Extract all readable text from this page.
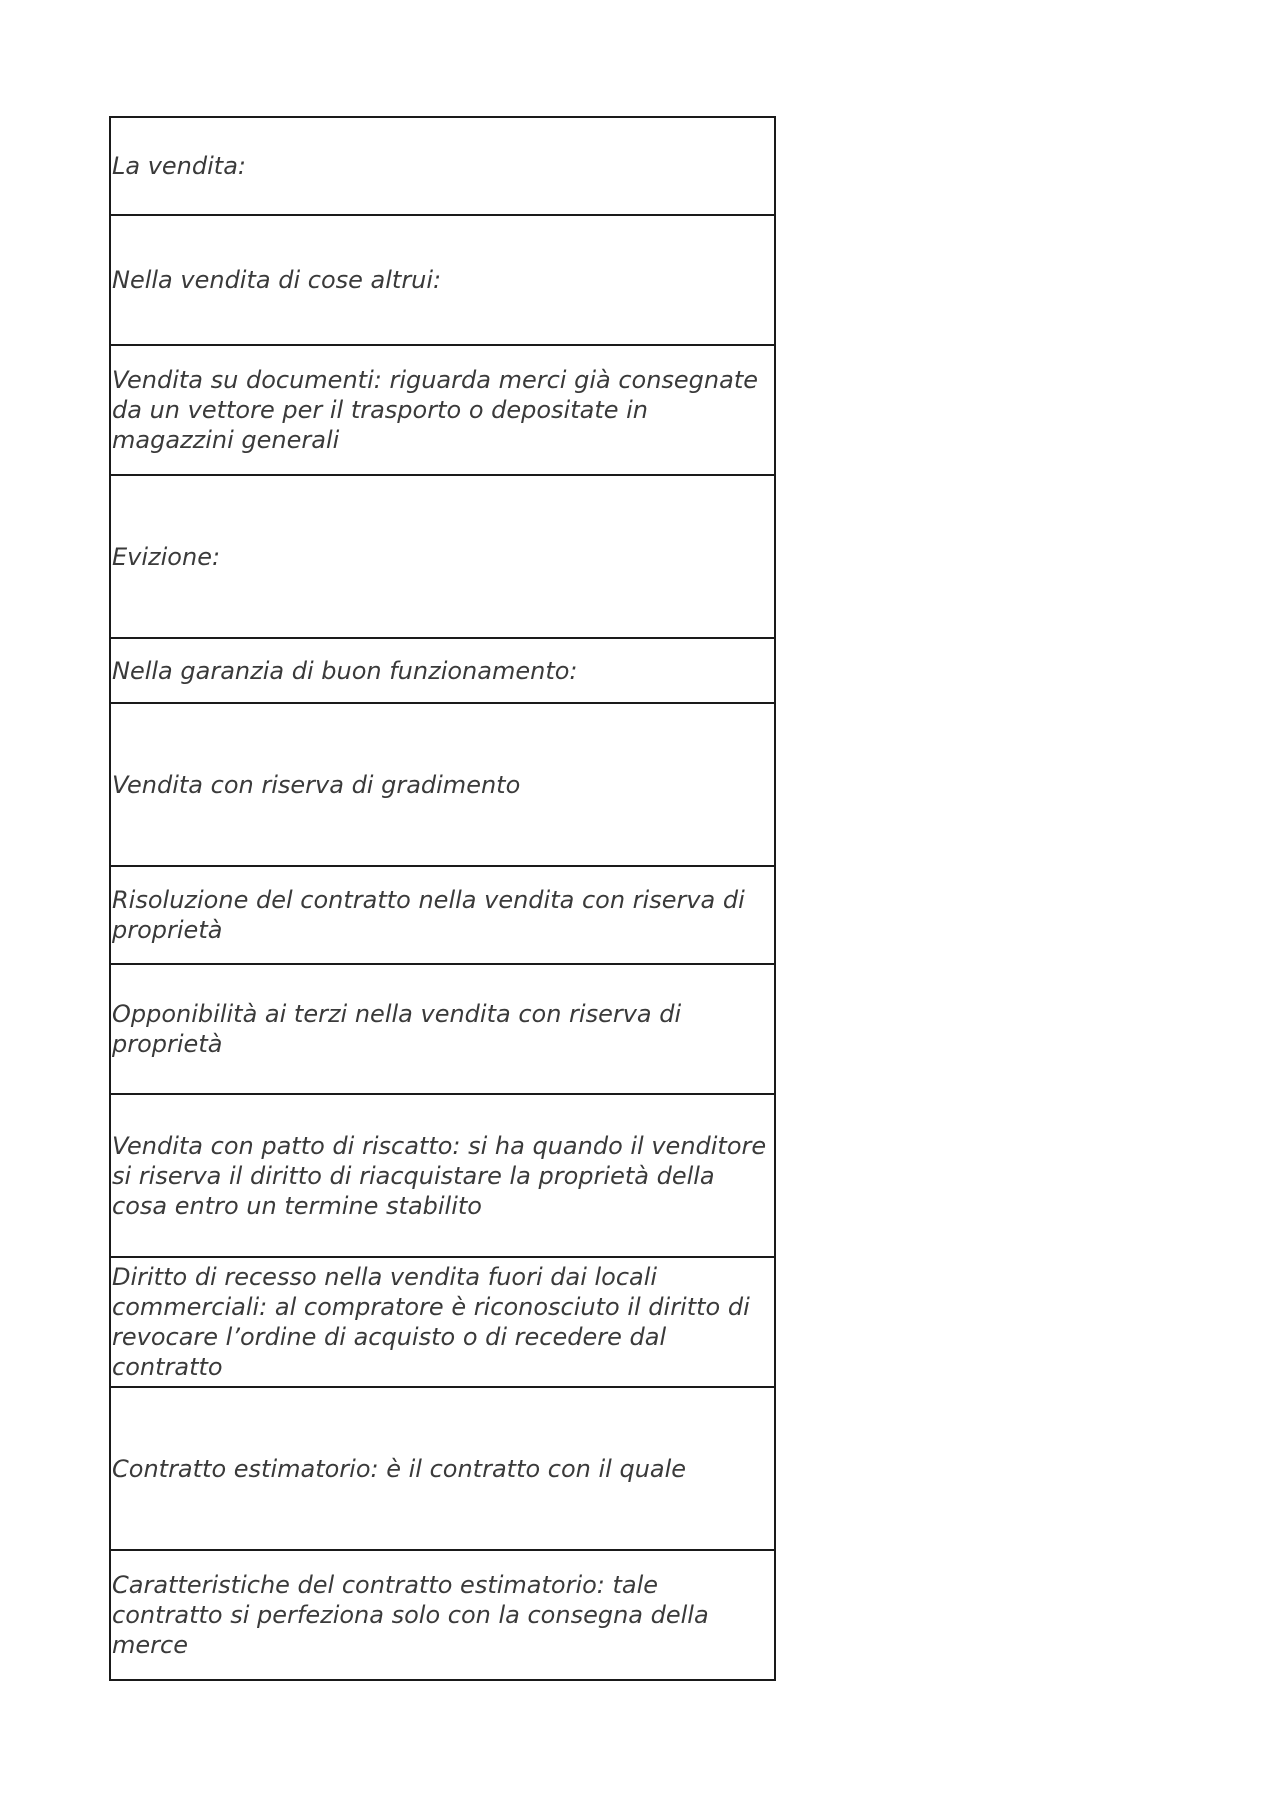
La vendita:
Nella vendita di cose altrui:
Vendita su documenti: riguarda merci già consegnate da un vettore per il trasporto o depositate in magazzini generali
Evizione:
Nella garanzia di buon funzionamento:
Vendita con riserva di gradimento
Risoluzione del contratto nella vendita con riserva di proprietà
Opponibilità ai terzi nella vendita con riserva di proprietà
Vendita con patto di riscatto: si ha quando il venditore si riserva il diritto di riacquistare la proprietà della cosa entro un termine stabilito
Diritto di recesso nella vendita fuori dai locali commerciali: al compratore è riconosciuto il diritto di revocare l’ordine di acquisto o di recedere dal contratto
Contratto estimatorio: è il contratto con il quale
Caratteristiche del contratto estimatorio: tale contratto si perfeziona solo con la consegna della merce
